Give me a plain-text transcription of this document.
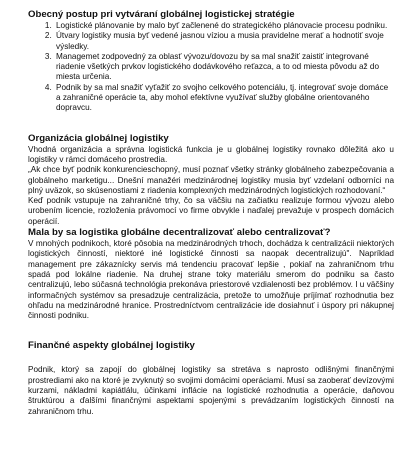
Obecný postup pri vytváraní globálnej logistickej stratégie

1. Logistické plánovanie by malo byť začlenené do strategického plánovacie procesu podniku.
2. Útvary logistiky musia byť vedené jasnou víziou a musia pravidelne merať a hodnotiť svoje výsledky.
3. Managemet zodpovedný za oblasť vývozu/dovozu by sa mal snažiť zaistiť integrované riadenie všetkých prvkov logistického dodávkového reťazca, a to od miesta pôvodu až do miesta určenia.
4. Podnik by sa mal snažiť vyťažiť zo svojho celkového potenciálu, tj. integrovať svoje domáce a zahraničné operácie ta, aby mohol efektívne využívať služby globálne orientovaného dopravcu.

Organizácia globálnej logistiky

Vhodná organizácia a správna logistická funkcia je u globálnej logistiky rovnako dôležitá ako u logistiky v rámci domáceho prostredia.

„Ak chce byť podnik konkurencieschopný, musí poznať všetky stránky globálneho zabezpečovania a globálneho marketigu... Dnešní manažéri medzinárodnej logistiky musia byť vzdelaní odborníci na plný uväzok, so skúsenostiami z riadenia komplexných medzinárodných logistických rozhodovaní.“

Keď podnik vstupuje na zahraničné trhy, čo sa väčšiu na začiatku realizuje formou vývozu alebo urobením licencie, rozloženia právomocí vo firme obvykle i naďalej prevažuje v prospech domácich operácií.

Mala by sa logistika globálne decentralizovať alebo centralizovať?

V mnohých podnikoch, ktoré pôsobia na medzinárodných trhoch, dochádza k centralizácii niektorých logistických činností, niektoré iné logistické činnosti sa naopak decentralizujú". Napríklad management pre zákaznícky servis má tendenciu pracovať lepšie , pokiaľ na zahraničnom trhu spadá pod lokálne riadenie. Na druhej strane toky materiálu smerom do podniku sa často centralizujú, lebo súčasná technológia prekonáva priestorové vzdialenosti bez problémov. I u väčšiny informačných systémov sa presadzuje centralizácia, pretože to umožňuje príjímať rozhodnutia bez ohľadu na medzinárodné hranice. Prostredníctvom centralizácie ide dosiahnuť i úspory pri nákupnej činnosti podniku.

Finančné aspekty globálnej logistiky

Podnik, ktorý sa zapojí do globálnej logistiky sa stretáva s naprosto odlišnými finančnými prostrediami ako na ktoré je zvyknutý so svojimi domácimi operáciami. Musí sa zaoberať devízovými kurzami, nákladmi kapiátlálu, účinkami inflácie na logistické rozhodnutia a operácie, daňovou štruktúrou a ďalšími finančnými aspektami spojenými s prevádzaním logistických činností na zahraničnom trhu.
